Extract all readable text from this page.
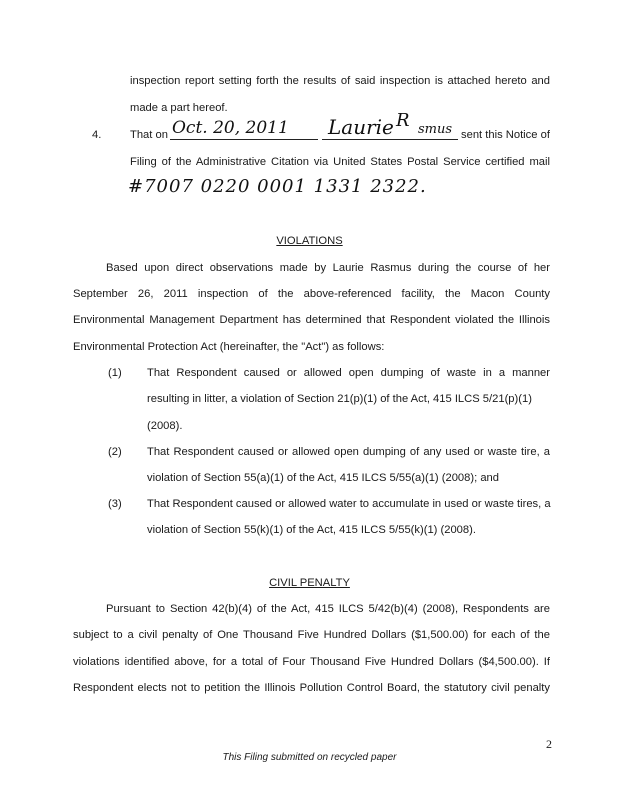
inspection report setting forth the results of said inspection is attached hereto and
made a part hereof.
4.	That on Oct. 20, 2011 Laurie R smus sent this Notice of
Filing of the Administrative Citation via United States Postal Service certified mail
#7007 0220 0001 1331 2322.
VIOLATIONS
Based upon direct observations made by Laurie Rasmus during the course of her
September 26, 2011 inspection of the above-referenced facility, the Macon County
Environmental Management Department has determined that Respondent violated the Illinois
Environmental Protection Act (hereinafter, the "Act") as follows:
(1) That Respondent caused or allowed open dumping of waste in a manner
resulting in litter, a violation of Section 21(p)(1) of the Act, 415 ILCS 5/21(p)(1)
(2008).
(2) That Respondent caused or allowed open dumping of any used or waste tire, a
violation of Section 55(a)(1) of the Act, 415 ILCS 5/55(a)(1) (2008); and
(3) That Respondent caused or allowed water to accumulate in used or waste tires, a
violation of Section 55(k)(1) of the Act, 415 ILCS 5/55(k)(1) (2008).
CIVIL PENALTY
Pursuant to Section 42(b)(4) of the Act, 415 ILCS 5/42(b)(4) (2008), Respondents are
subject to a civil penalty of One Thousand Five Hundred Dollars ($1,500.00) for each of the
violations identified above, for a total of Four Thousand Five Hundred Dollars ($4,500.00). If
Respondent elects not to petition the Illinois Pollution Control Board, the statutory civil penalty
2
This Filing submitted on recycled paper
